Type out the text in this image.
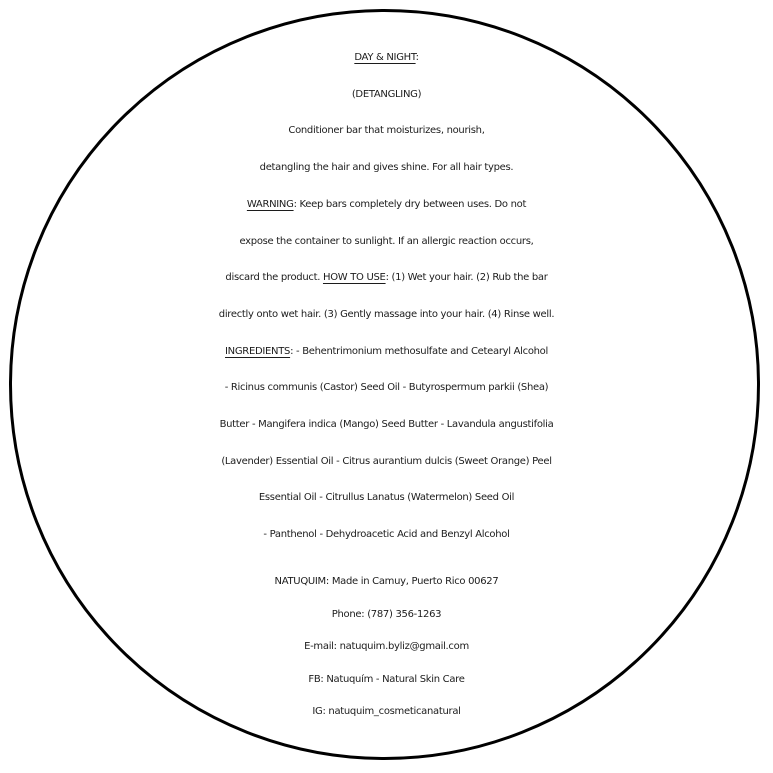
DAY & NIGHT:
(DETANGLING)
Conditioner bar that moisturizes, nourish,
detangling the hair and gives shine. For all hair types.
WARNING: Keep bars completely dry between uses. Do not
expose the container to sunlight. If an allergic reaction occurs,
discard the product. HOW TO USE: (1) Wet your hair. (2) Rub the bar
directly onto wet hair. (3) Gently massage into your hair. (4) Rinse well.
INGREDIENTS: - Behentrimonium methosulfate and Cetearyl Alcohol
- Ricinus communis (Castor) Seed Oil - Butyrospermum parkii (Shea)
Butter - Mangifera indica (Mango) Seed Butter - Lavandula angustifolia
(Lavender) Essential Oil - Citrus aurantium dulcis (Sweet Orange) Peel
Essential Oil - Citrullus Lanatus (Watermelon) Seed Oil
- Panthenol - Dehydroacetic Acid and Benzyl Alcohol
NATUQUIM: Made in Camuy, Puerto Rico 00627
Phone: (787) 356-1263
E-mail: natuquim.byliz@gmail.com
FB: Natuquím - Natural Skin Care
IG: natuquim_cosmeticanatural
